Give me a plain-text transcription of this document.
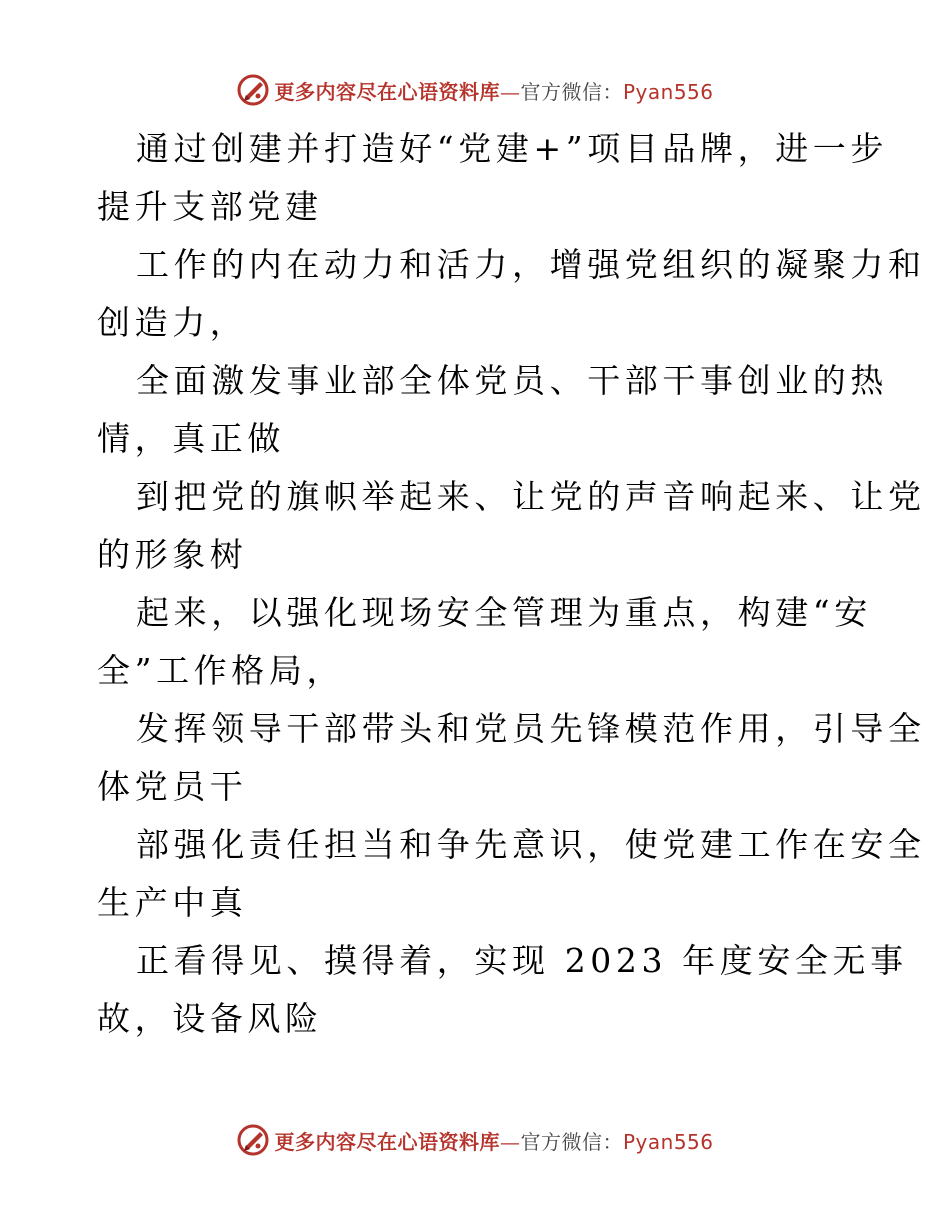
更多内容尽在心语资料库—官方微信：Pyan556

通过创建并打造好“党建+”项目品牌，进一步
提升支部党建

工作的内在动力和活力，增强党组织的凝聚力和
创造力，

全面激发事业部全体党员、干部干事创业的热
情，真正做

到把党的旗帜举起来、让党的声音响起来、让党
的形象树

起来，以强化现场安全管理为重点，构建“安
全”工作格局，

发挥领导干部带头和党员先锋模范作用，引导全
体党员干

部强化责任担当和争先意识，使党建工作在安全
生产中真

正看得见、摸得着，实现 2023 年度安全无事
故，设备风险

更多内容尽在心语资料库—官方微信：Pyan556
